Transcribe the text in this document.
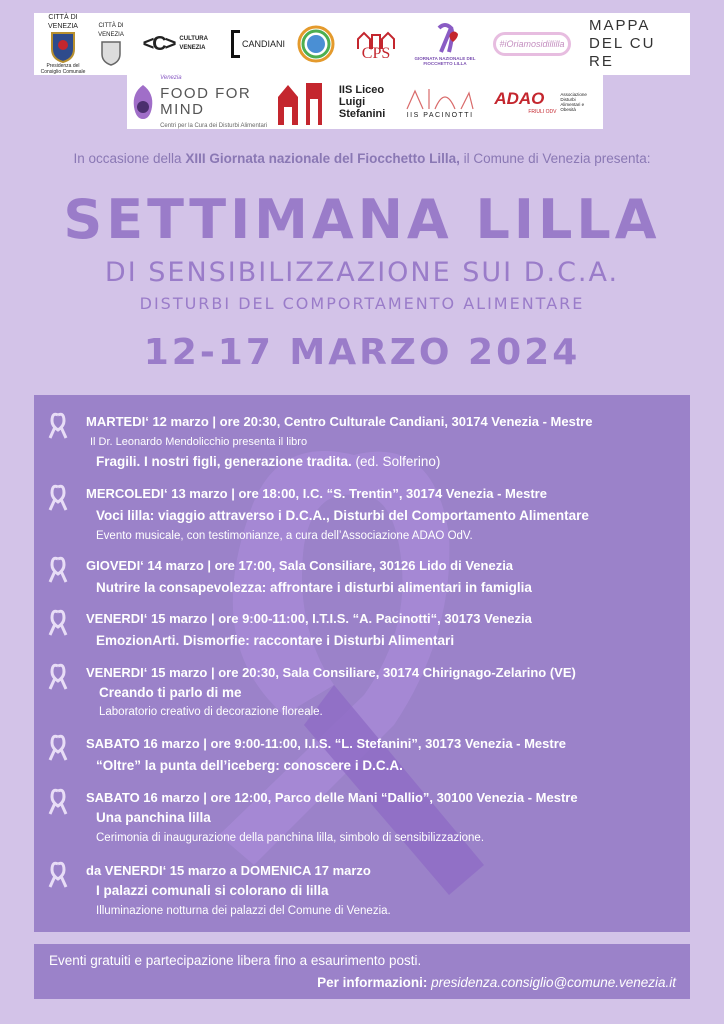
CITTÀ DI VENEZIA
Presidenza del Consiglio Comunale
CITTÀ DI VENEZIA <C> CULTURA VENEZIA	CANDIANI
CPS	GIORNATA NAZIONALE DEL FIOCCHETTO LILLA
#iOriamosidillilla
MAPPA DEL CU RE
Venezia
FOOD FOR MIND
Centri per la Cura dei Disturbi Alimentari
IIS Liceo Luigi Stefanini	IIS PACINOTTI
ADAO
FRIULI ODV
Associazione Disturbi Alimentari e Obesità
In occasione della XIII Giornata nazionale del Fiocchetto Lilla, il Comune di Venezia presenta:
SETTIMANA LILLA
DI SENSIBILIZZAZIONE SUI D.C.A.
DISTURBI DEL COMPORTAMENTO ALIMENTARE
12-17 MARZO 2024
MARTEDI‘ 12 marzo | ore 20:30, Centro Culturale Candiani, 30174 Venezia - Mestre
Il Dr. Leonardo Mendolicchio presenta il libro
Fragili. I nostri figli, generazione tradita. (ed. Solferino)
MERCOLEDI‘ 13 marzo | ore 18:00, I.C. “S. Trentin”, 30174 Venezia - Mestre
Voci lilla: viaggio attraverso i D.C.A., Disturbi del Comportamento Alimentare
Evento musicale, con testimonianze, a cura dell’Associazione ADAO OdV.
GIOVEDI‘ 14 marzo | ore 17:00, Sala Consiliare, 30126 Lido di Venezia
Nutrire la consapevolezza: affrontare i disturbi alimentari in famiglia
VENERDI‘ 15 marzo | ore 9:00-11:00, I.T.I.S. “A. Pacinotti“, 30173 Venezia
EmozionArti. Dismorfie: raccontare i Disturbi Alimentari
VENERDI‘ 15 marzo | ore 20:30, Sala Consiliare, 30174 Chirignago-Zelarino (VE)
Creando ti parlo di me
Laboratorio creativo di decorazione floreale.
SABATO 16 marzo | ore 9:00-11:00, I.I.S. “L. Stefanini”, 30173 Venezia - Mestre
“Oltre” la punta dell’iceberg: conoscere i D.C.A.
SABATO 16 marzo | ore 12:00, Parco delle Mani “Dallio”, 30100 Venezia - Mestre
Una panchina lilla
Cerimonia di inaugurazione della panchina lilla, simbolo di sensibilizzazione.
da VENERDI‘ 15 marzo a DOMENICA 17 marzo
I palazzi comunali si colorano di lilla
Illuminazione notturna dei palazzi del Comune di Venezia.
Eventi gratuiti e partecipazione libera fino a esaurimento posti.
Per informazioni: presidenza.consiglio@comune.venezia.it
